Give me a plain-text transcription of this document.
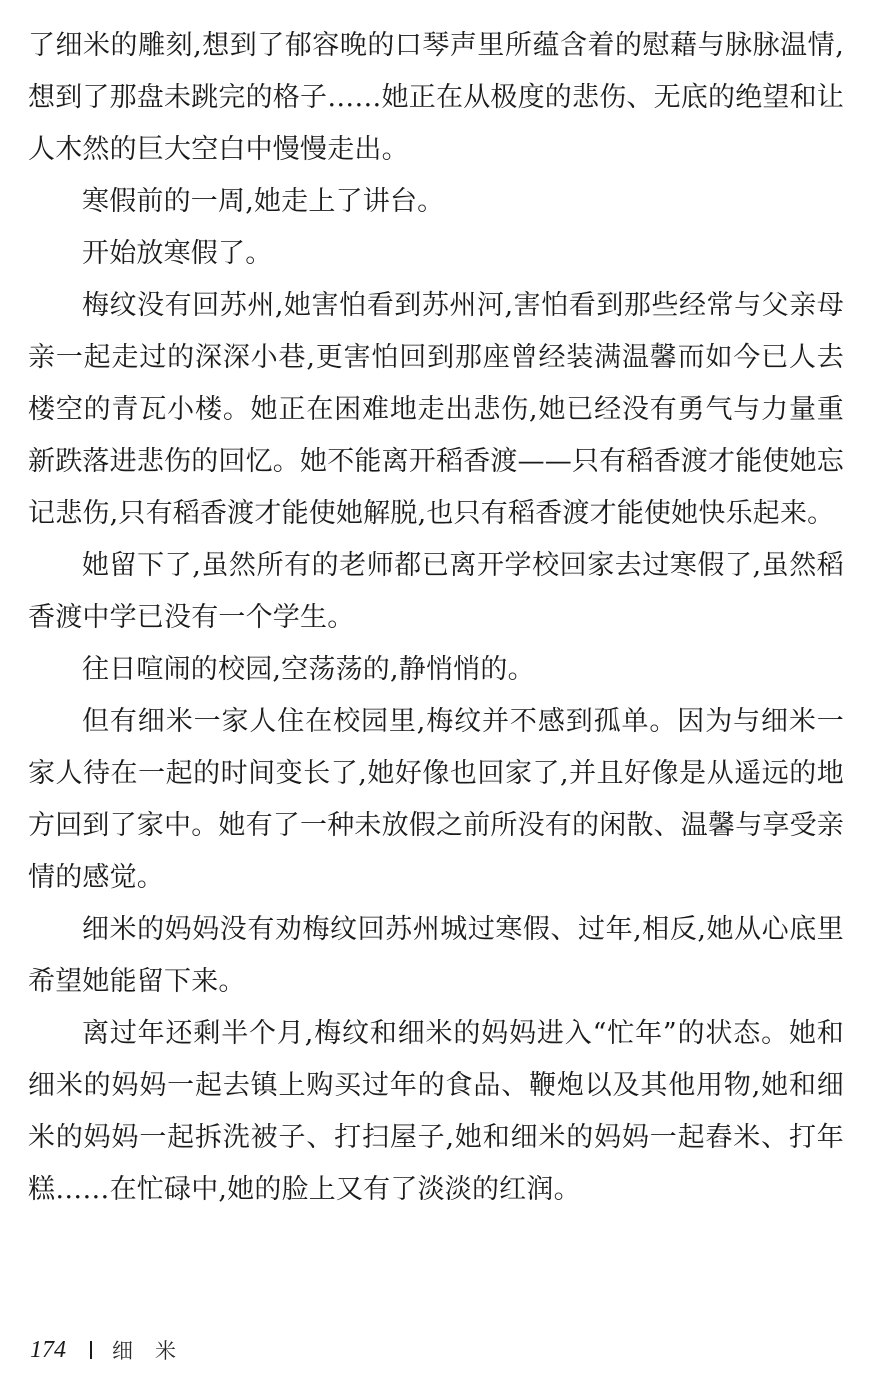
了细米的雕刻,想到了郁容晚的口琴声里所蕴含着的慰藉与脉脉温情,想到了那盘未跳完的格子……她正在从极度的悲伤、无底的绝望和让人木然的巨大空白中慢慢走出。

寒假前的一周,她走上了讲台。

开始放寒假了。

梅纹没有回苏州,她害怕看到苏州河,害怕看到那些经常与父亲母亲一起走过的深深小巷,更害怕回到那座曾经装满温馨而如今已人去楼空的青瓦小楼。她正在困难地走出悲伤,她已经没有勇气与力量重新跌落进悲伤的回忆。她不能离开稻香渡——只有稻香渡才能使她忘记悲伤,只有稻香渡才能使她解脱,也只有稻香渡才能使她快乐起来。

她留下了,虽然所有的老师都已离开学校回家去过寒假了,虽然稻香渡中学已没有一个学生。

往日喧闹的校园,空荡荡的,静悄悄的。

但有细米一家人住在校园里,梅纹并不感到孤单。因为与细米一家人待在一起的时间变长了,她好像也回家了,并且好像是从遥远的地方回到了家中。她有了一种未放假之前所没有的闲散、温馨与享受亲情的感觉。

细米的妈妈没有劝梅纹回苏州城过寒假、过年,相反,她从心底里希望她能留下来。

离过年还剩半个月,梅纹和细米的妈妈进入“忙年”的状态。她和细米的妈妈一起去镇上购买过年的食品、鞭炮以及其他用物,她和细米的妈妈一起拆洗被子、打扫屋子,她和细米的妈妈一起舂米、打年糕……在忙碌中,她的脸上又有了淡淡的红润。

174 细米
